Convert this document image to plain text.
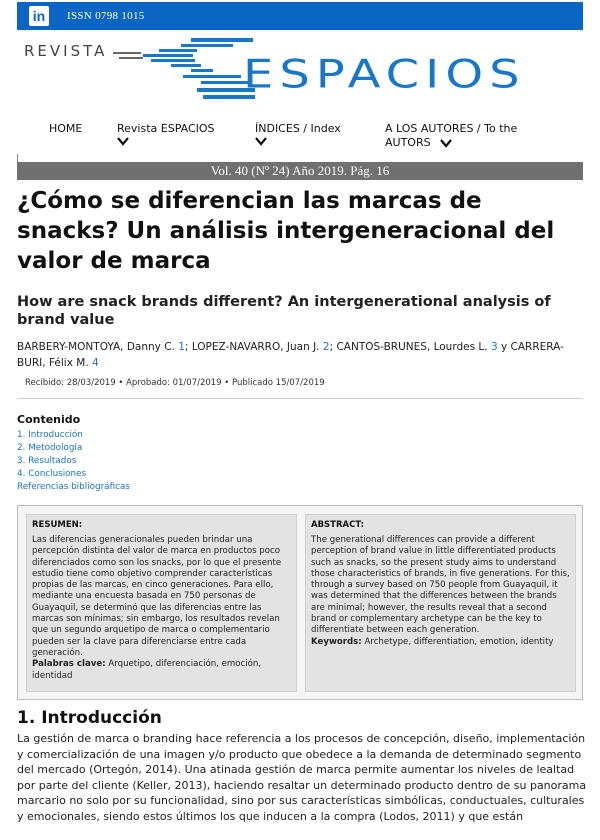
in	ISSN 0798 1015
REVISTA
ESPACIOS
HOME	Revista ESPACIOS	ÍNDICES / Index	A LOS AUTORES / To the AUTORS
Vol. 40 (Nº 24) Año 2019. Pág. 16
¿Cómo se diferencian las marcas de snacks? Un análisis intergeneracional del valor de marca
How are snack brands different? An intergenerational analysis of brand value
BARBERY-MONTOYA, Danny C. 1; LOPEZ-NAVARRO, Juan J. 2; CANTOS-BRUNES, Lourdes L. 3 y CARRERA-BURI, Félix M. 4
Recibido: 28/03/2019 • Aprobado: 01/07/2019 • Publicado 15/07/2019
Contenido
1. Introducción
2. Metodología
3. Resultados
4. Conclusiones
Referencias bibliográficas
RESUMEN:

Las diferencias generacionales pueden brindar una percepción distinta del valor de marca en productos poco diferenciados como son los snacks, por lo que el presente estudio tiene como objetivo comprender características propias de las marcas, en cinco generaciones. Para ello, mediante una encuesta basada en 750 personas de Guayaquil, se determinó que las diferencias entre las marcas son mínimas; sin embargo, los resultados revelan que un segundo arquetipo de marca o complementario pueden ser la clave para diferenciarse entre cada generación.
Palabras clave: Arquetipo, diferenciación, emoción, identidad

ABSTRACT:

The generational differences can provide a different perception of brand value in little differentiated products such as snacks, so the present study aims to understand those characteristics of brands, in five generations. For this, through a survey based on 750 people from Guayaquil, it was determined that the differences between the brands are minimal; however, the results reveal that a second brand or complementary archetype can be the key to differentiate between each generation.
Keywords: Archetype, differentiation, emotion, identity

1. Introducción

La gestión de marca o branding hace referencia a los procesos de concepción, diseño, implementación y comercialización de una imagen y/o producto que obedece a la demanda de determinado segmento del mercado (Ortegón, 2014). Una atinada gestión de marca permite aumentar los niveles de lealtad por parte del cliente (Keller, 2013), haciendo resaltar un determinado producto dentro de su panorama marcario no solo por su funcionalidad, sino por sus características simbólicas, conductuales, culturales y emocionales, siendo estos últimos los que inducen a la compra (Lodos, 2011) y que están
